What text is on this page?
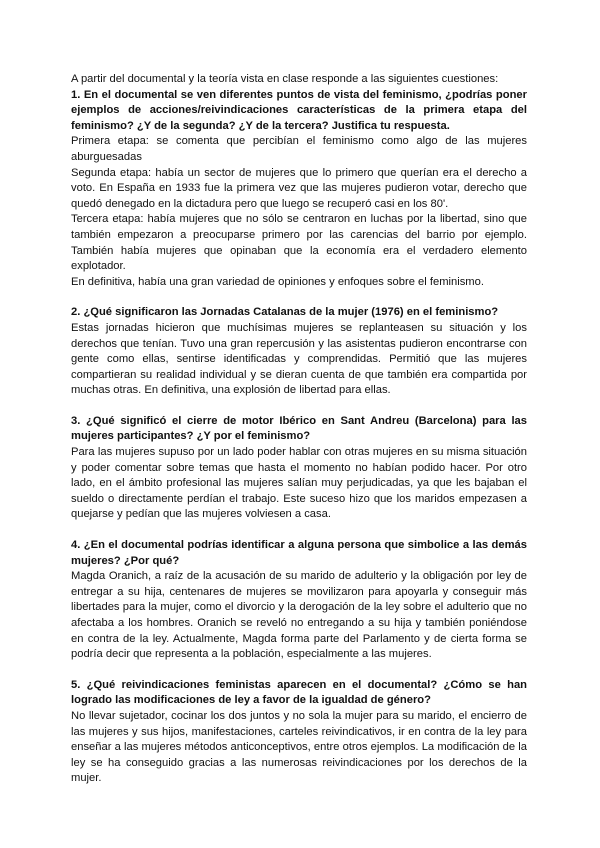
A partir del documental y la teoría vista en clase responde a las siguientes cuestiones:

1. En el documental se ven diferentes puntos de vista del feminismo, ¿podrías poner ejemplos de acciones/reivindicaciones características de la primera etapa del feminismo? ¿Y de la segunda? ¿Y de la tercera? Justifica tu respuesta.

Primera etapa: se comenta que percibían el feminismo como algo de las mujeres aburguesadas

Segunda etapa: había un sector de mujeres que lo primero que querían era el derecho a voto. En España en 1933 fue la primera vez que las mujeres pudieron votar, derecho que quedó denegado en la dictadura pero que luego se recuperó casi en los 80'.

Tercera etapa: había mujeres que no sólo se centraron en luchas por la libertad, sino que también empezaron a preocuparse primero por las carencias del barrio por ejemplo. También había mujeres que opinaban que la economía era el verdadero elemento explotador.

En definitiva, había una gran variedad de opiniones y enfoques sobre el feminismo.

2. ¿Qué significaron las Jornadas Catalanas de la mujer (1976) en el feminismo?

Estas jornadas hicieron que muchísimas mujeres se replanteasen su situación y los derechos que tenían. Tuvo una gran repercusión y las asistentas pudieron encontrarse con gente como ellas, sentirse identificadas y comprendidas. Permitió que las mujeres compartieran su realidad individual y se dieran cuenta de que también era compartida por muchas otras. En definitiva, una explosión de libertad para ellas.

3. ¿Qué significó el cierre de motor Ibérico en Sant Andreu (Barcelona) para las mujeres participantes? ¿Y por el feminismo?

Para las mujeres supuso por un lado poder hablar con otras mujeres en su misma situación y poder comentar sobre temas que hasta el momento no habían podido hacer. Por otro lado, en el ámbito profesional las mujeres salían muy perjudicadas, ya que les bajaban el sueldo o directamente perdían el trabajo. Este suceso hizo que los maridos empezasen a quejarse y pedían que las mujeres volviesen a casa.

4. ¿En el documental podrías identificar a alguna persona que simbolice a las demás mujeres? ¿Por qué?

Magda Oranich, a raíz de la acusación de su marido de adulterio y la obligación por ley de entregar a su hija, centenares de mujeres se movilizaron para apoyarla y conseguir más libertades para la mujer, como el divorcio y la derogación de la ley sobre el adulterio que no afectaba a los hombres. Oranich se reveló no entregando a su hija y también poniéndose en contra de la ley. Actualmente, Magda forma parte del Parlamento y de cierta forma se podría decir que representa a la población, especialmente a las mujeres.

5. ¿Qué reivindicaciones feministas aparecen en el documental? ¿Cómo se han logrado las modificaciones de ley a favor de la igualdad de género?

No llevar sujetador, cocinar los dos juntos y no sola la mujer para su marido, el encierro de las mujeres y sus hijos, manifestaciones, carteles reivindicativos, ir en contra de la ley para enseñar a las mujeres métodos anticonceptivos, entre otros ejemplos. La modificación de la ley se ha conseguido gracias a las numerosas reivindicaciones por los derechos de la mujer.
